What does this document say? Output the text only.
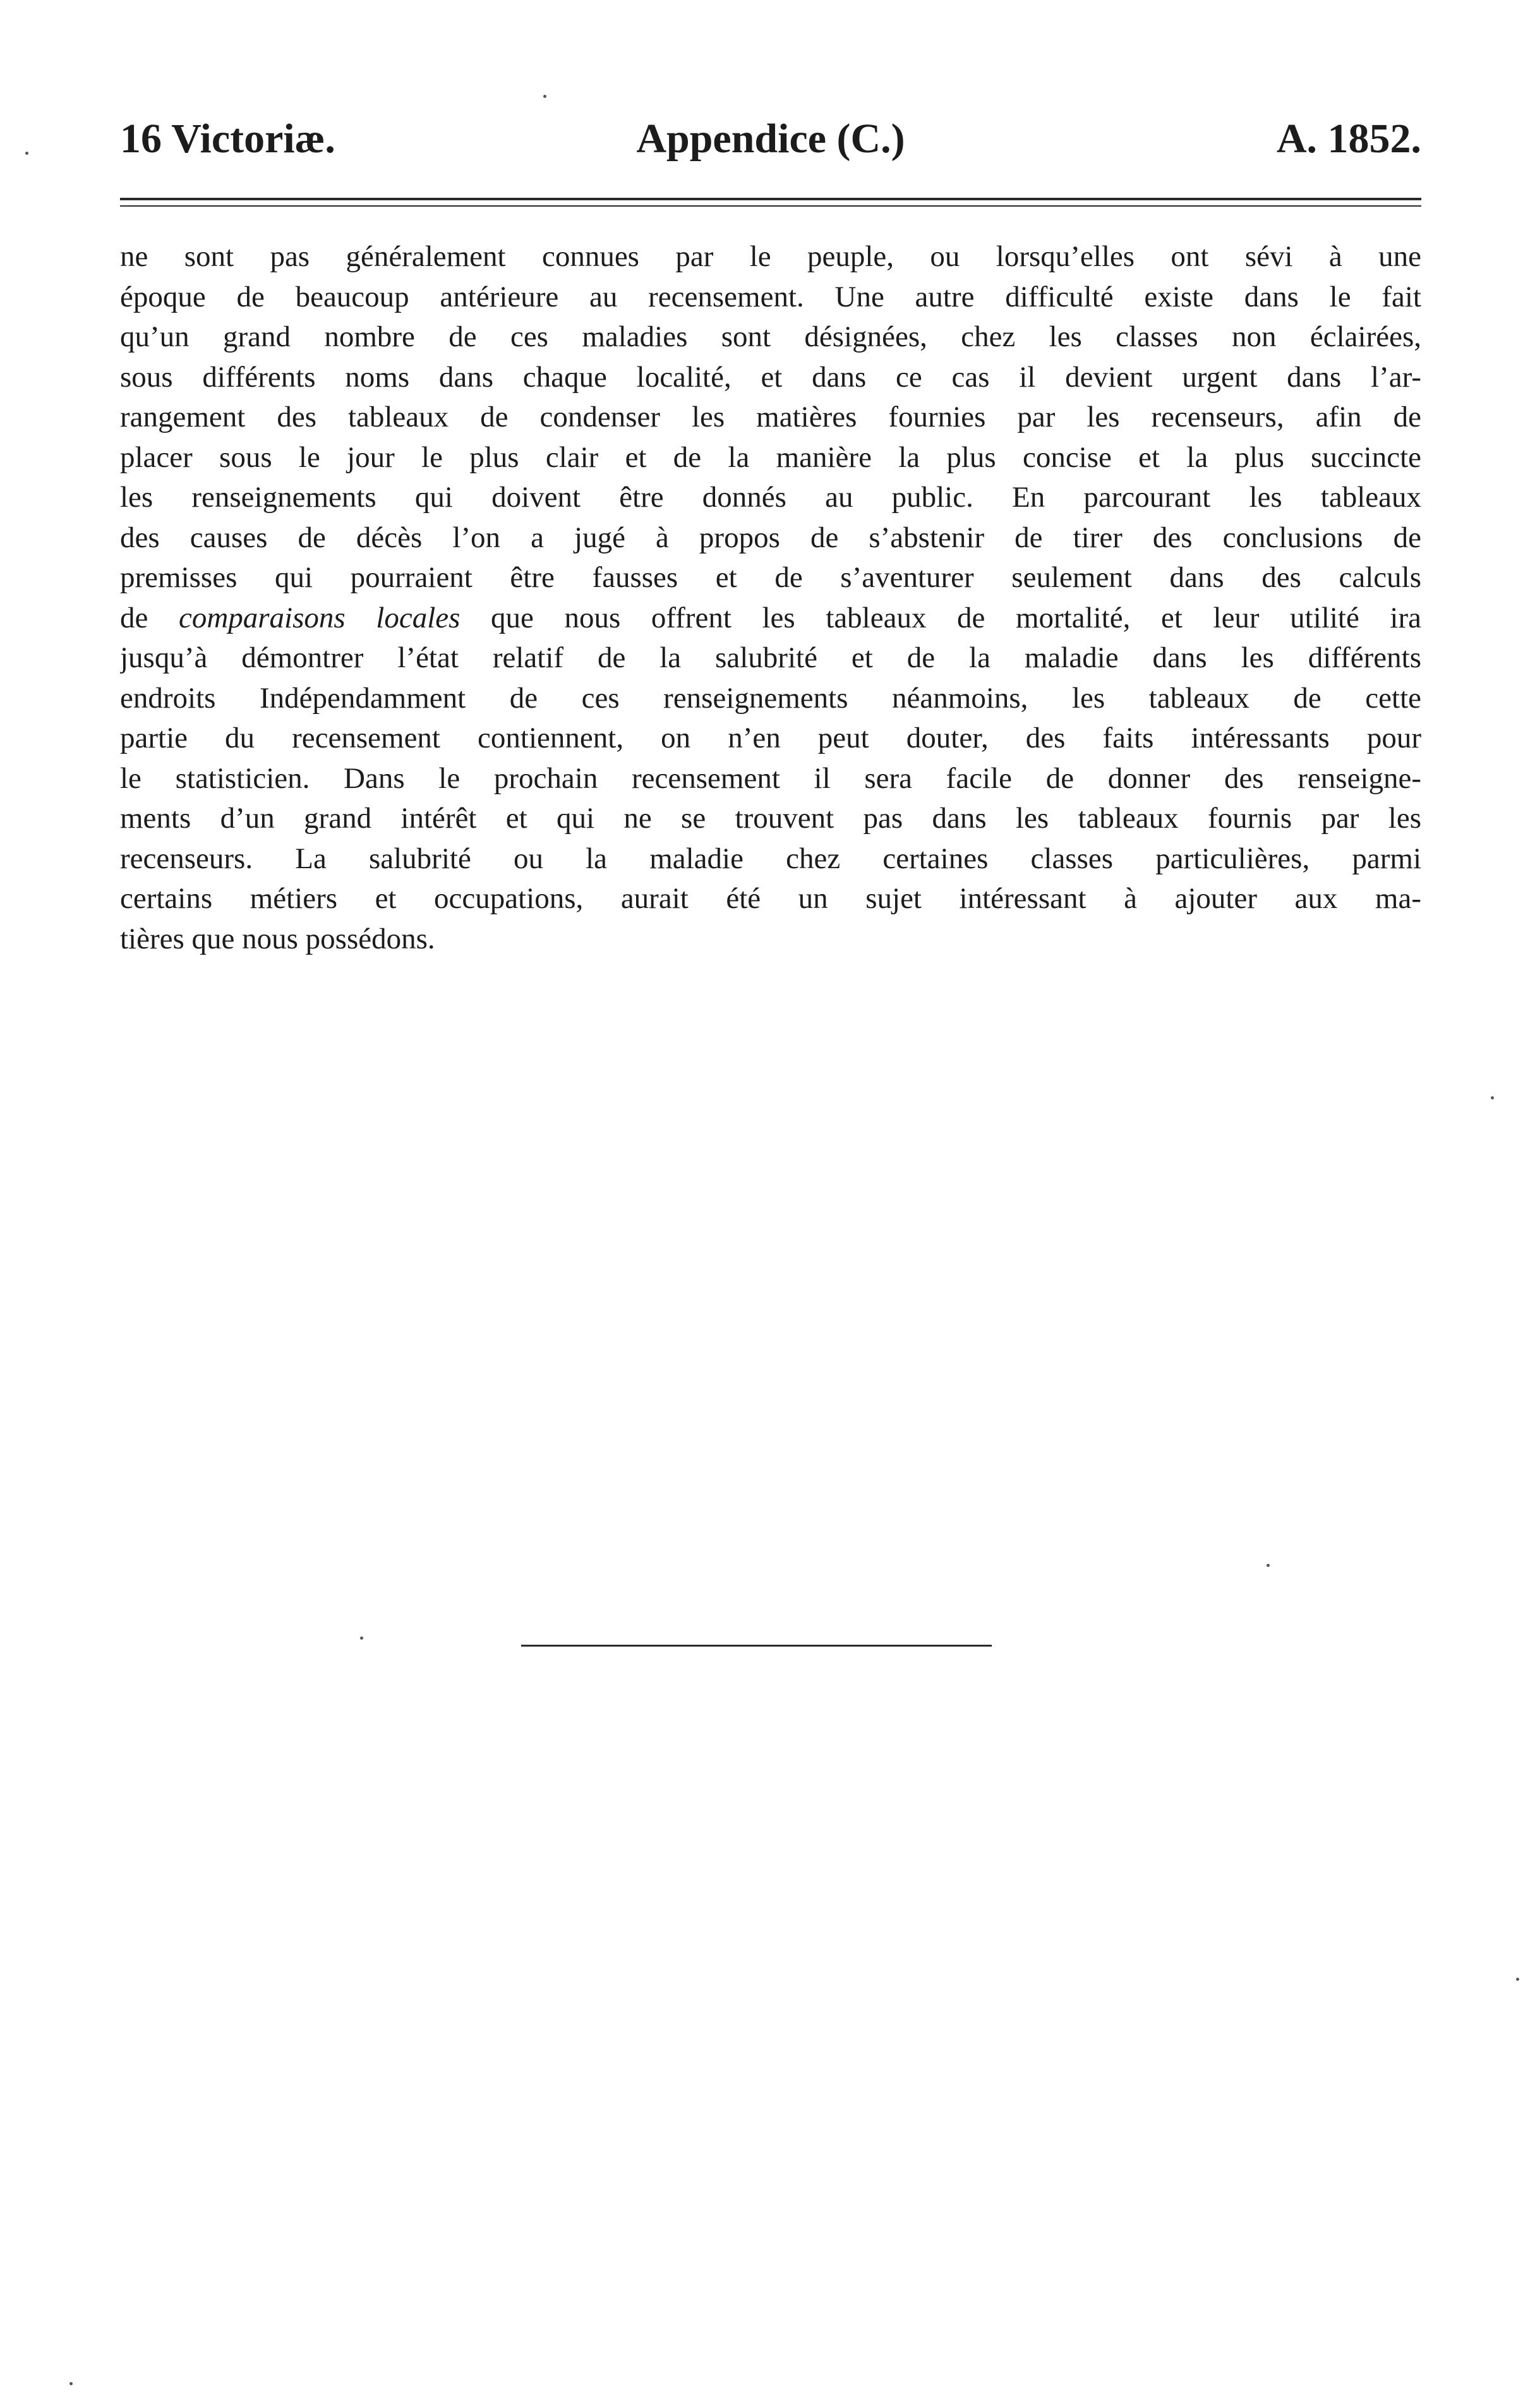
16 Victoriæ.	Appendice (C.)	A. 1852.

ne sont pas généralement connues par le peuple, ou lorsqu’elles ont sévi à une
époque de beaucoup antérieure au recensement. Une autre difficulté existe dans le fait
qu’un grand nombre de ces maladies sont désignées, chez les classes non éclairées,
sous différents noms dans chaque localité, et dans ce cas il devient urgent dans l’ar-
rangement des tableaux de condenser les matières fournies par les recenseurs, afin de
placer sous le jour le plus clair et de la manière la plus concise et la plus succincte
les renseignements qui doivent être donnés au public. En parcourant les tableaux
des causes de décès l’on a jugé à propos de s’abstenir de tirer des conclusions de
premisses qui pourraient être fausses et de s’aventurer seulement dans des calculs
de comparaisons locales que nous offrent les tableaux de mortalité, et leur utilité ira
jusqu’à démontrer l’état relatif de la salubrité et de la maladie dans les différents
endroits Indépendamment de ces renseignements néanmoins, les tableaux de cette
partie du recensement contiennent, on n’en peut douter, des faits intéressants pour
le statisticien. Dans le prochain recensement il sera facile de donner des renseigne-
ments d’un grand intérêt et qui ne se trouvent pas dans les tableaux fournis par les
recenseurs. La salubrité ou la maladie chez certaines classes particulières, parmi
certains métiers et occupations, aurait été un sujet intéressant à ajouter aux ma-
tières que nous possédons.
